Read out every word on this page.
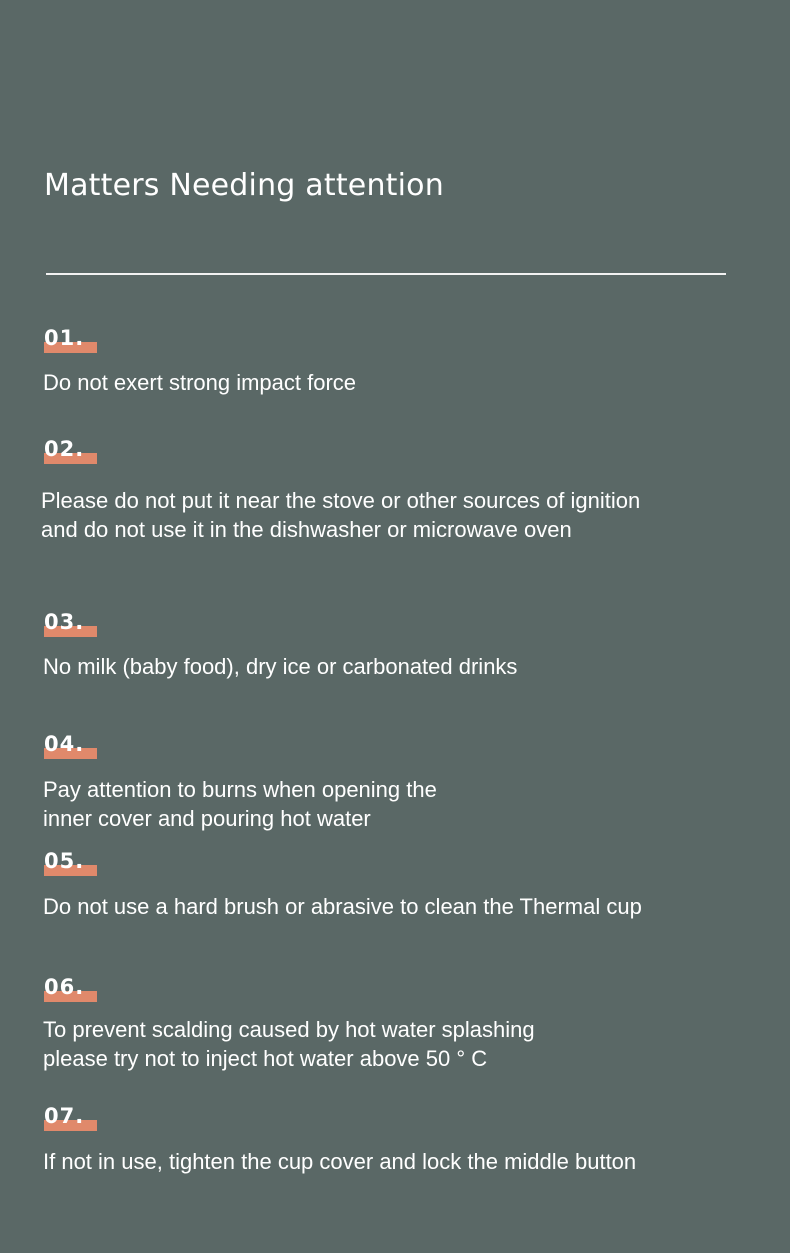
Matters Needing attention
01.
Do not exert strong impact force
02.
Please do not put it near the stove or other sources of ignition
and do not use it in the dishwasher or microwave oven
03.
No milk (baby food), dry ice or carbonated drinks
04.
Pay attention to burns when opening the
inner cover and pouring hot water
05.
Do not use a hard brush or abrasive to clean the Thermal cup
06.
To prevent scalding caused by hot water splashing
please try not to inject hot water above 50 ° C
07.
If not in use, tighten the cup cover and lock the middle button
